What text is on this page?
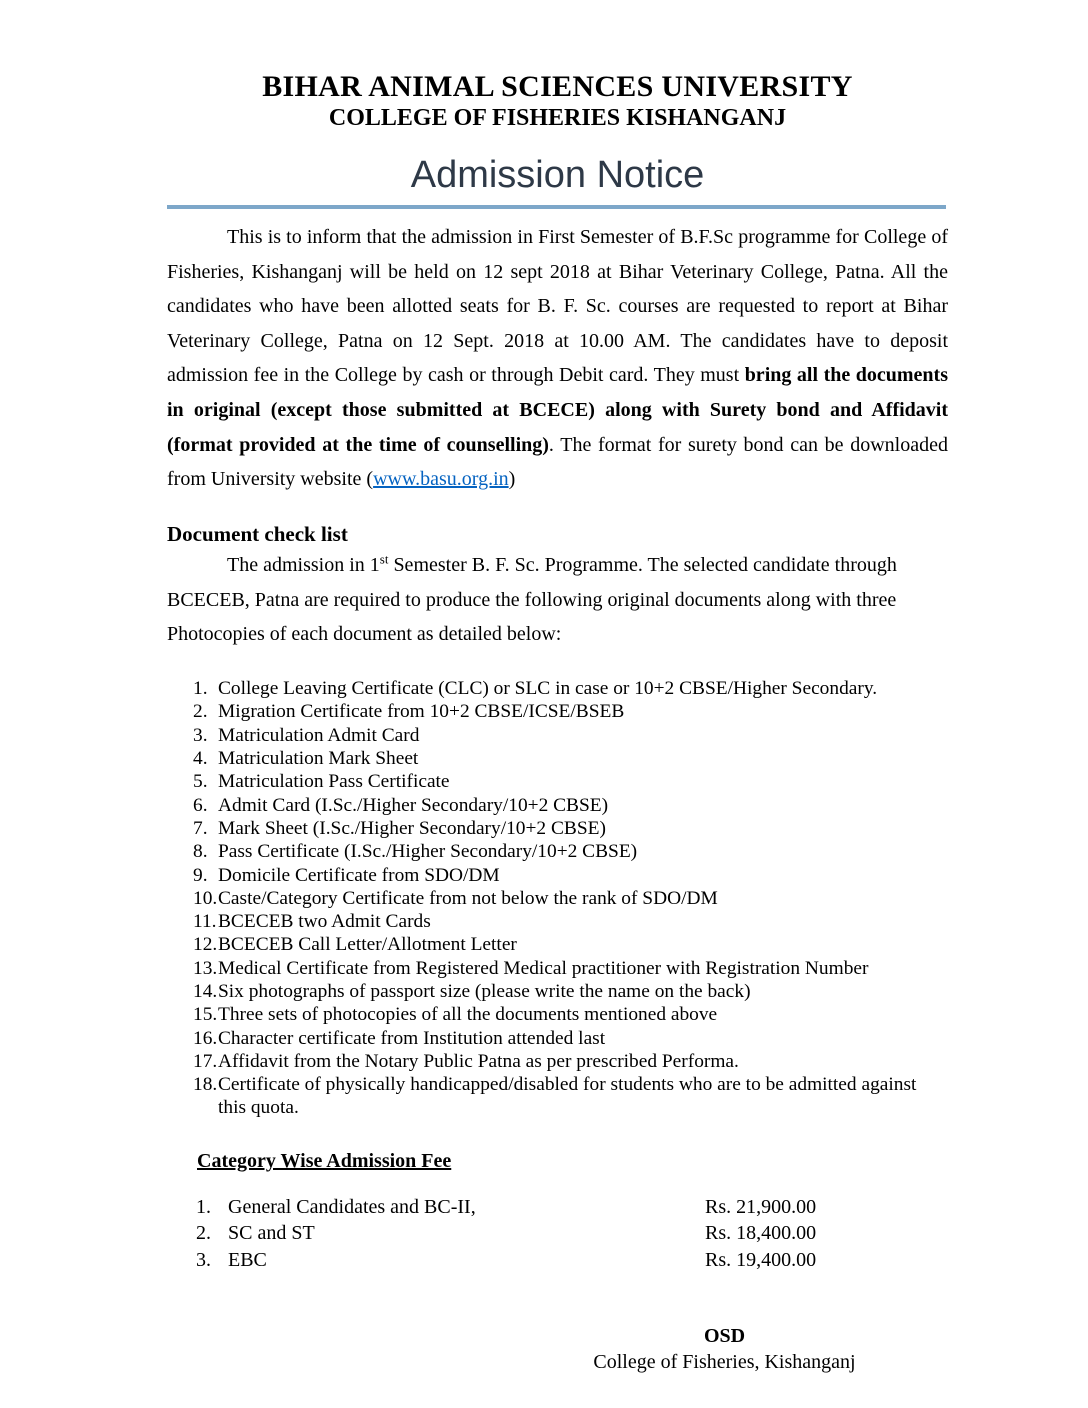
BIHAR ANIMAL SCIENCES UNIVERSITY
COLLEGE OF FISHERIES KISHANGANJ
Admission Notice

This is to inform that the admission in First Semester of B.F.Sc programme for College of Fisheries, Kishanganj will be held on 12 sept 2018 at Bihar Veterinary College, Patna. All the candidates who have been allotted seats for B. F. Sc. courses are requested to report at Bihar Veterinary College, Patna on 12 Sept. 2018 at 10.00 AM. The candidates have to deposit admission fee in the College by cash or through Debit card. They must bring all the documents in original (except those submitted at BCECE) along with Surety bond and Affidavit (format provided at the time of counselling). The format for surety bond can be downloaded from University website (www.basu.org.in)

Document check list

The admission in 1st Semester B. F. Sc. Programme. The selected candidate through BCECEB, Patna are required to produce the following original documents along with three Photocopies of each document as detailed below:

1. College Leaving Certificate (CLC) or SLC in case or 10+2 CBSE/Higher Secondary.
2. Migration Certificate from 10+2 CBSE/ICSE/BSEB
3. Matriculation Admit Card
4. Matriculation Mark Sheet
5. Matriculation Pass Certificate
6. Admit Card (I.Sc./Higher Secondary/10+2 CBSE)
7. Mark Sheet (I.Sc./Higher Secondary/10+2 CBSE)
8. Pass Certificate (I.Sc./Higher Secondary/10+2 CBSE)
9. Domicile Certificate from SDO/DM
10. Caste/Category Certificate from not below the rank of SDO/DM
11. BCECEB two Admit Cards
12. BCECEB Call Letter/Allotment Letter
13. Medical Certificate from Registered Medical practitioner with Registration Number
14. Six photographs of passport size (please write the name on the back)
15. Three sets of photocopies of all the documents mentioned above
16. Character certificate from Institution attended last
17. Affidavit from the Notary Public Patna as per prescribed Performa.
18. Certificate of physically handicapped/disabled for students who are to be admitted against this quota.
Category Wise Admission Fee
1. General Candidates and BC-II,	Rs. 21,900.00
2. SC and ST	Rs. 18,400.00
3. EBC	Rs. 19,400.00
OSD
College of Fisheries, Kishanganj
